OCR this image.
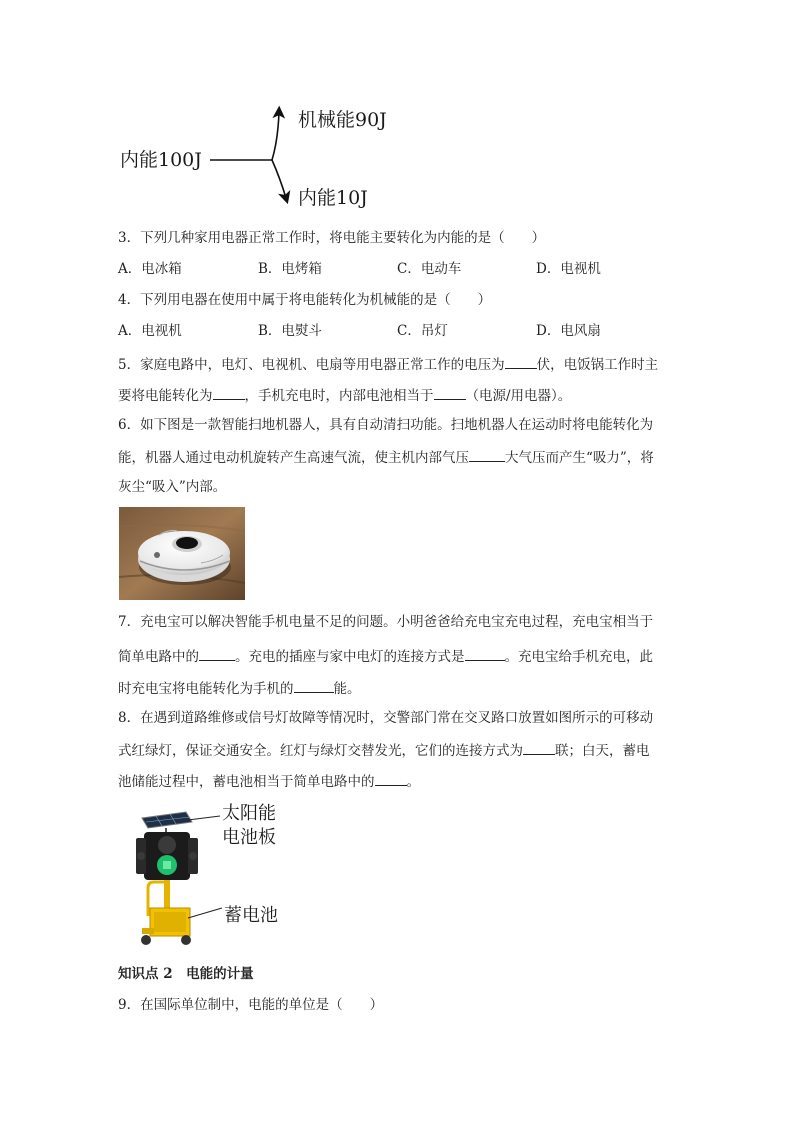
内能100J
机械能90J
内能10J
3．下列几种家用电器正常工作时，将电能主要转化为内能的是（　　）
A．电冰箱	B．电烤箱	C．电动车	D．电视机
4．下列用电器在使用中属于将电能转化为机械能的是（　　）
A．电视机	B．电熨斗	C．吊灯	D．电风扇
5．家庭电路中，电灯、电视机、电扇等用电器正常工作的电压为 伏，电饭锅工作时主
要将电能转化为 ，手机充电时，内部电池相当于 （电源/用电器）。
6．如下图是一款智能扫地机器人，具有自动清扫功能。扫地机器人在运动时将电能转化为
能，机器人通过电动机旋转产生高速气流，使主机内部气压	大气压而产生“吸力”，将
灰尘“吸入”内部。
7．充电宝可以解决智能手机电量不足的问题。小明爸爸给充电宝充电过程，充电宝相当于
简单电路中的	。充电的插座与家中电灯的连接方式是	。充电宝给手机充电，此
时充电宝将电能转化为手机的	能。
8．在遇到道路维修或信号灯故障等情况时，交警部门常在交叉路口放置如图所示的可移动
式红绿灯，保证交通安全。红灯与绿灯交替发光，它们的连接方式为 联；白天，蓄电
池储能过程中，蓄电池相当于简单电路中的 。
太阳能
电池板
蓄电池
知识点 2　电能的计量
9．在国际单位制中，电能的单位是（　　）
